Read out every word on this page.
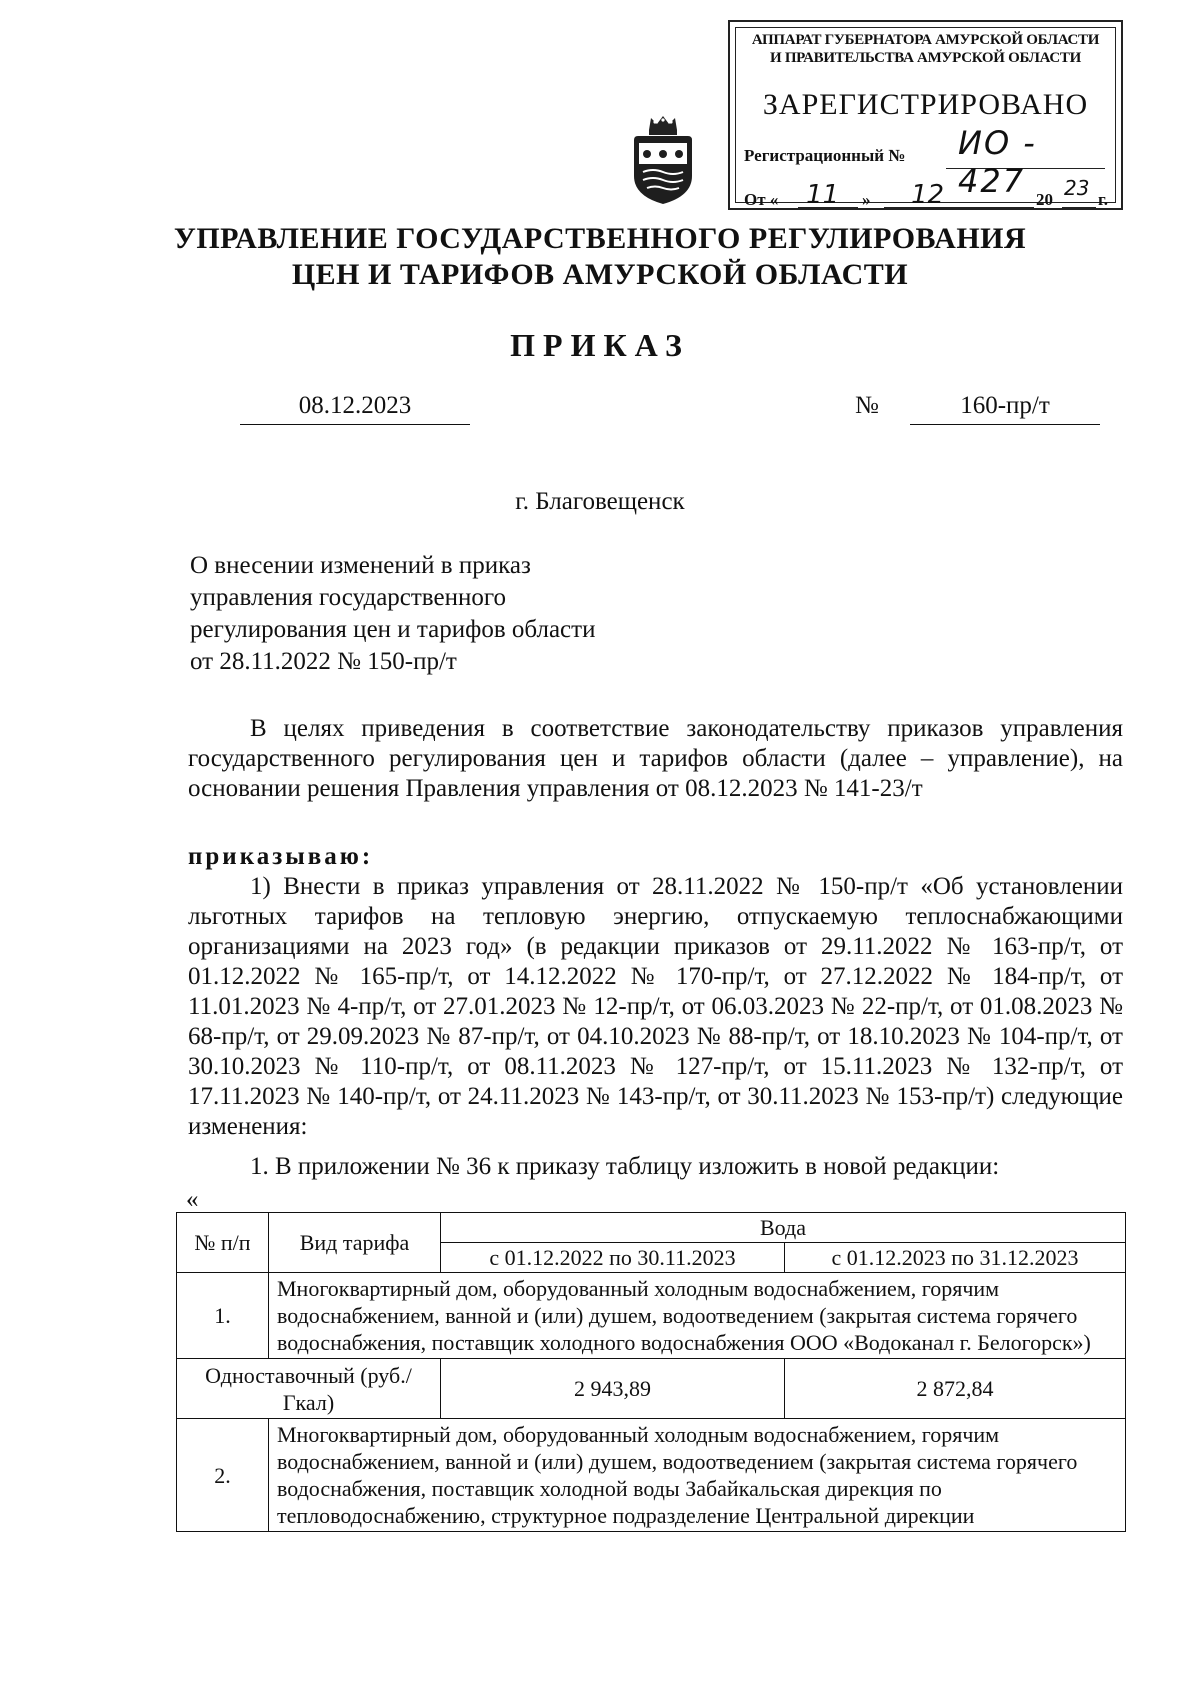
АППАРАТ ГУБЕРНАТОРА АМУРСКОЙ ОБЛАСТИ
И ПРАВИТЕЛЬСТВА АМУРСКОЙ ОБЛАСТИ
ЗАРЕГИСТРИРОВАНО
Регистрационный № ИО - 427
От « 11 » 12	20 23 г.
УПРАВЛЕНИЕ ГОСУДАРСТВЕННОГО РЕГУЛИРОВАНИЯ
ЦЕН И ТАРИФОВ АМУРСКОЙ ОБЛАСТИ
ПРИКАЗ
08.12.2023	№	160-пр/т
г. Благовещенск
О внесении изменений в приказ
управления государственного
регулирования цен и тарифов области
от 28.11.2022 № 150-пр/т
В целях приведения в соответствие законодательству приказов управления государственного регулирования цен и тарифов области (далее – управление), на основании решения Правления управления от 08.12.2023 № 141-23/т
приказываю:
1) Внести в приказ управления от 28.11.2022 № 150-пр/т «Об установлении льготных тарифов на тепловую энергию, отпускаемую теплоснабжающими организациями на 2023 год» (в редакции приказов от 29.11.2022 № 163-пр/т, от 01.12.2022 № 165-пр/т, от 14.12.2022 № 170-пр/т, от 27.12.2022 № 184-пр/т, от 11.01.2023 № 4-пр/т, от 27.01.2023 № 12-пр/т, от 06.03.2023 № 22-пр/т, от 01.08.2023 № 68-пр/т, от 29.09.2023 № 87-пр/т, от 04.10.2023 № 88-пр/т, от 18.10.2023 № 104-пр/т, от 30.10.2023 № 110-пр/т, от 08.11.2023 № 127-пр/т, от 15.11.2023 № 132-пр/т, от 17.11.2023 № 140-пр/т, от 24.11.2023 № 143-пр/т, от 30.11.2023 № 153-пр/т) следующие изменения:
1. В приложении № 36 к приказу таблицу изложить в новой редакции:
«
№ п/п	Вид тарифа	Вода	
		с 01.12.2022 по 30.11.2023	с 01.12.2023 по 31.12.2023
1.	Многоквартирный дом, оборудованный холодным водоснабжением, горячим водоснабжением, ванной и (или) душем, водоотведением (закрытая система горячего водоснабжения, поставщик холодного водоснабжения ООО «Водоканал г. Белогорск»)		
Одноставочный (руб./Гкал)		2 943,89	2 872,84
2.	Многоквартирный дом, оборудованный холодным водоснабжением, горячим водоснабжением, ванной и (или) душем, водоотведением (закрытая система горячего водоснабжения, поставщик холодной воды Забайкальская дирекция по тепловодоснабжению, структурное подразделение Центральной дирекции		
